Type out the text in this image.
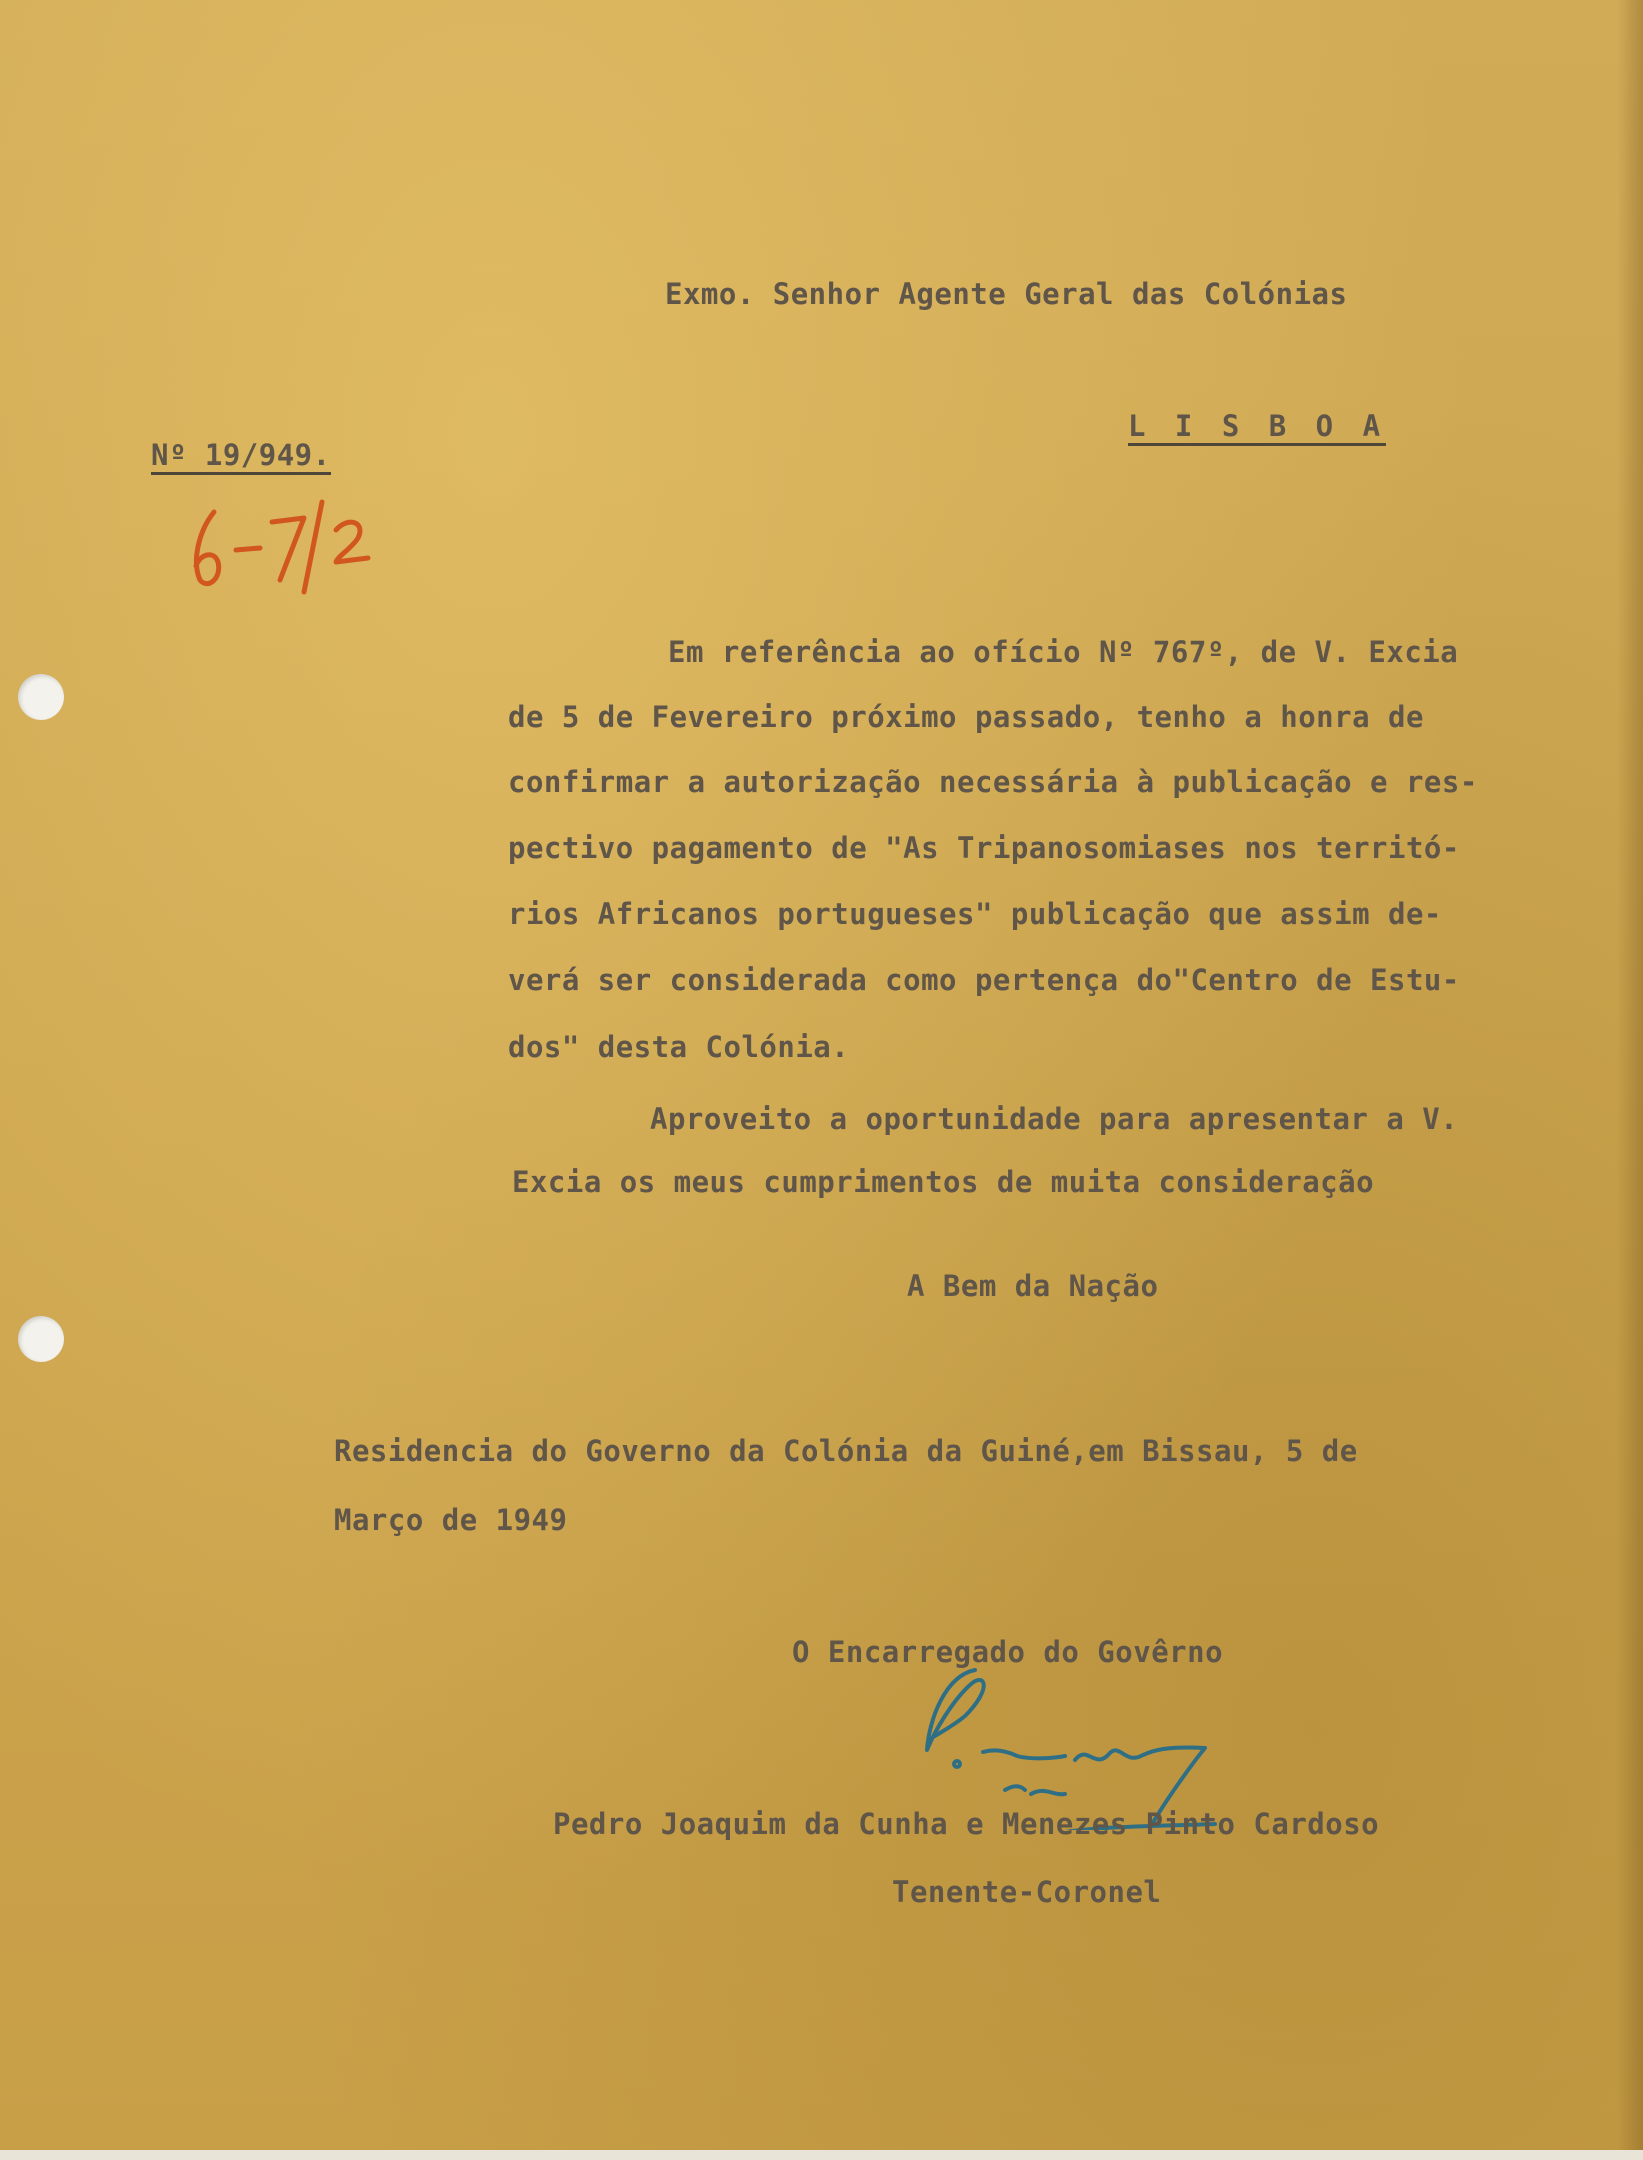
Exmo. Senhor Agente Geral das Colónias

L I S B O A

Nº 19/949.

Em referência ao ofício Nº 767º, de V. Excia

de 5 de Fevereiro próximo passado, tenho a honra de

confirmar a autorização necessária à publicação e res-

pectivo pagamento de "As Tripanosomiases nos territó-

rios Africanos portugueses" publicação que assim de-

verá ser considerada como pertença do"Centro de Estu-

dos" desta Colónia.

Aproveito a oportunidade para apresentar a V.

Excia os meus cumprimentos de muita consideração

A Bem da Nação

Residencia do Governo da Colónia da Guiné,em Bissau, 5 de

Março de 1949

O Encarregado do Govêrno

Pedro Joaquim da Cunha e Menezes Pinto Cardoso

Tenente-Coronel
